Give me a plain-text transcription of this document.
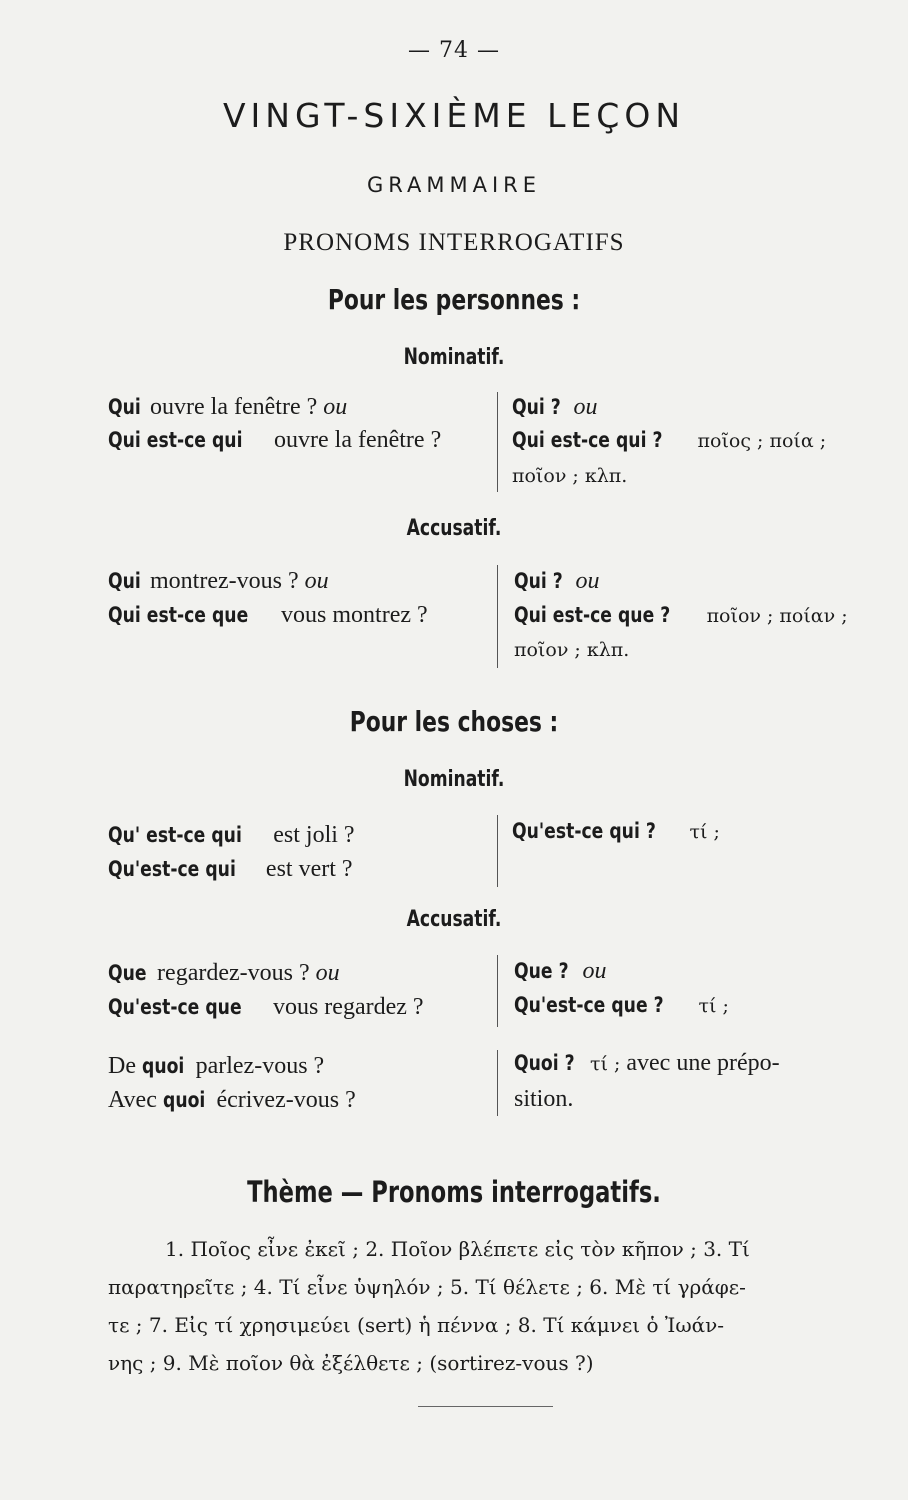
— 74 —
VINGT-SIXIÈME LEÇON
GRAMMAIRE
PRONOMS INTERROGATIFS
Pour les personnes :
Nominatif.
Qui ouvre la fenêtre ? ou
Qui est-ce qui ouvre la fenêtre ?
Qui ? ou
Qui est-ce qui ? ποῖος ; ποία ;
ποῖον ; κλπ.
Accusatif.
Qui montrez-vous ? ou
Qui est-ce que vous montrez ?
Qui ? ou
Qui est-ce que ? ποῖον ; ποίαν ;
ποῖον ; κλπ.
Pour les choses :
Nominatif.
Qu' est-ce qui est joli ?
Qu'est-ce qui est vert ?
Qu'est-ce qui ? τί ;
Accusatif.
Que regardez-vous ? ou
Qu'est-ce que vous regardez ?
Que ? ou
Qu'est-ce que ? τί ;
De quoi parlez-vous ?
Avec quoi écrivez-vous ?
Quoi ? τί ; avec une prépo-
sition.
Thème — Pronoms interrogatifs.
1. Ποῖος εἶνε ἐκεῖ ; 2. Ποῖον βλέπετε εἰς τὸν κῆπον ; 3. Τί
παρατηρεῖτε ; 4. Τί εἶνε ὑψηλόν ; 5. Τί θέλετε ; 6. Μὲ τί γράφε-
τε ; 7. Εἰς τί χρησιμεύει (sert) ἡ πέννα ; 8. Τί κάμνει ὁ Ἰωάν-
νης ; 9. Μὲ ποῖον θὰ ἐξέλθετε ; (sortirez-vous ?)
